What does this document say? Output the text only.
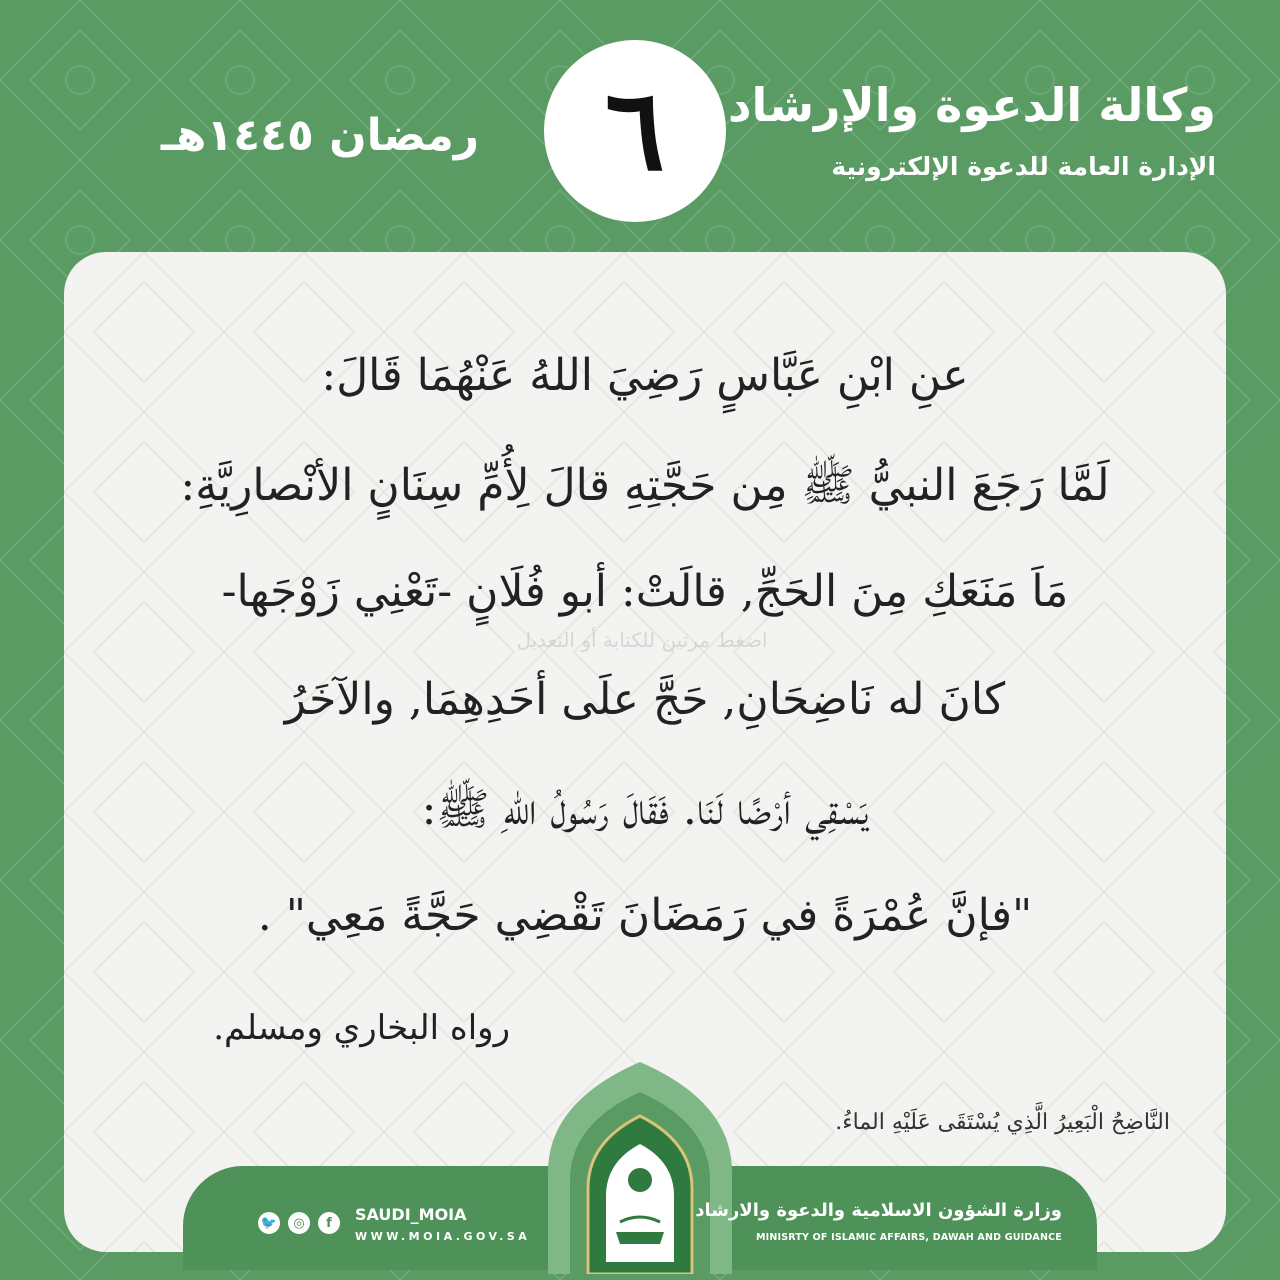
وكالة الدعوة والإرشاد
الإدارة العامة للدعوة الإلكترونية
٦
رمضان ١٤٤٥هـ
عنِ ابْنِ عَبَّاسٍ رَضِيَ اللهُ عَنْهُمَا قَالَ:
لَمَّا رَجَعَ النبيُّ ﷺ مِن حَجَّتِهِ قالَ لِأُمِّ سِنَانٍ الأنْصارِيَّةِ:
مَاَ مَنَعَكِ مِنَ الحَجِّ, قالَتْ: أبو فُلَانٍ -تَعْنِي زَوْجَها-
كانَ له نَاضِحَانِ, حَجَّ علَى أحَدِهِمَا, والآخَرُ
يَسْقِي أرْضًا لَنَا. فَقَالَ رَسُولُ اللهِ ﷺ:
"فإنَّ عُمْرَةً في رَمَضَانَ تَقْضِي حَجَّةً مَعِي" .
اضغط مرتين للكتابة أو التعديل
رواه البخاري ومسلم.
النَّاضِحُ الْبَعِيرُ الَّذِي يُسْتَقَى عَلَيْهِ الماءُ.
وزارة الشؤون الاسلامية والدعوة والارشاد
MINISRTY OF ISLAMIC AFFAIRS, DAWAH AND GUIDANCE
🐦	◎	f	SAUDI_MOIA
WWW.MOIA.GOV.SA
